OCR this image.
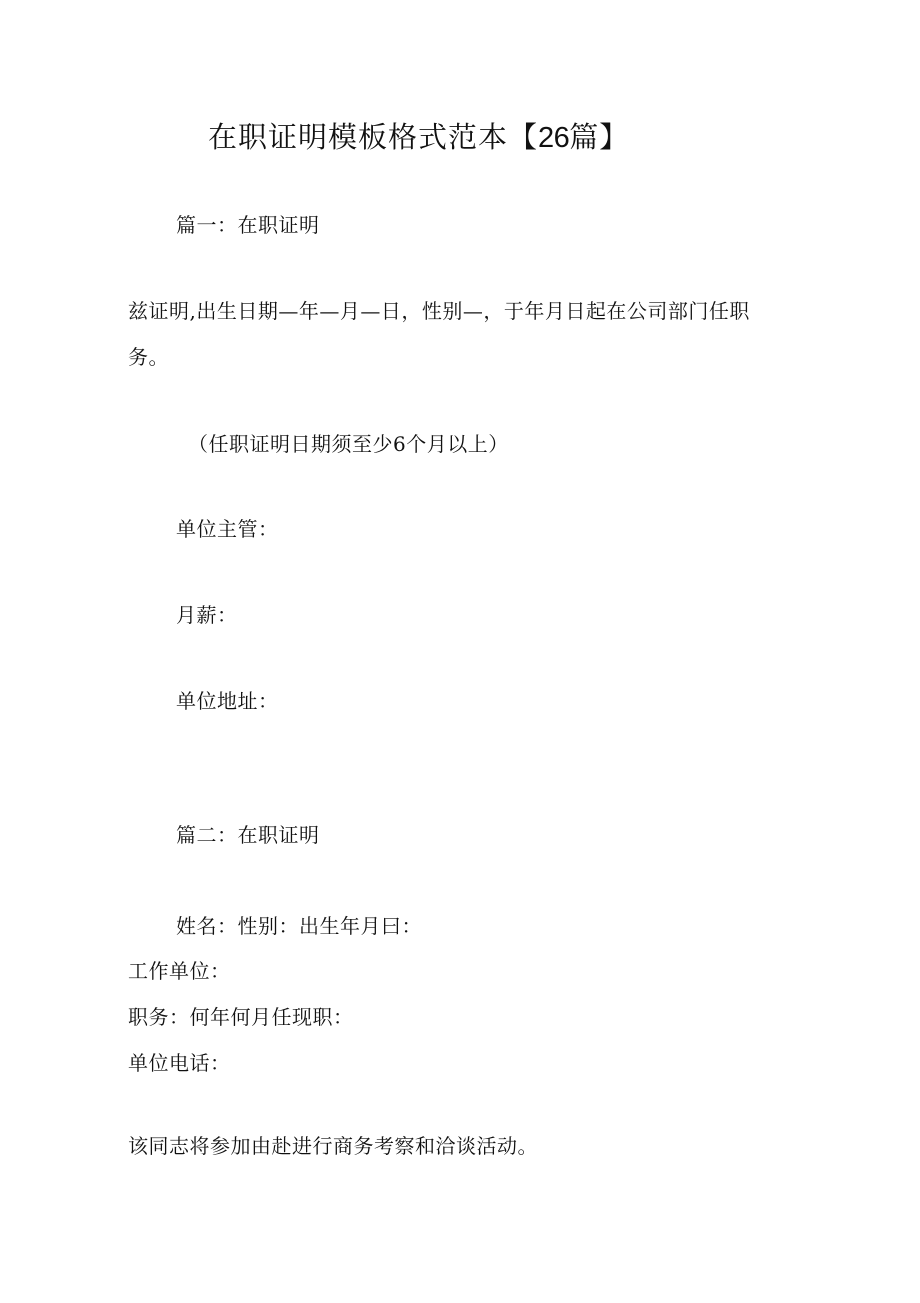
在职证明模板格式范本【26篇】
篇一：在职证明
兹证明,出生日期—年—月—日，性别—，于年月日起在公司部门任职务。
（任职证明日期须至少6个月以上）
单位主管：
月薪：
单位地址：
篇二：在职证明
姓名：性别：出生年月曰：
工作单位：
职务：何年何月任现职：
单位电话：
该同志将参加由赴进行商务考察和洽谈活动。
